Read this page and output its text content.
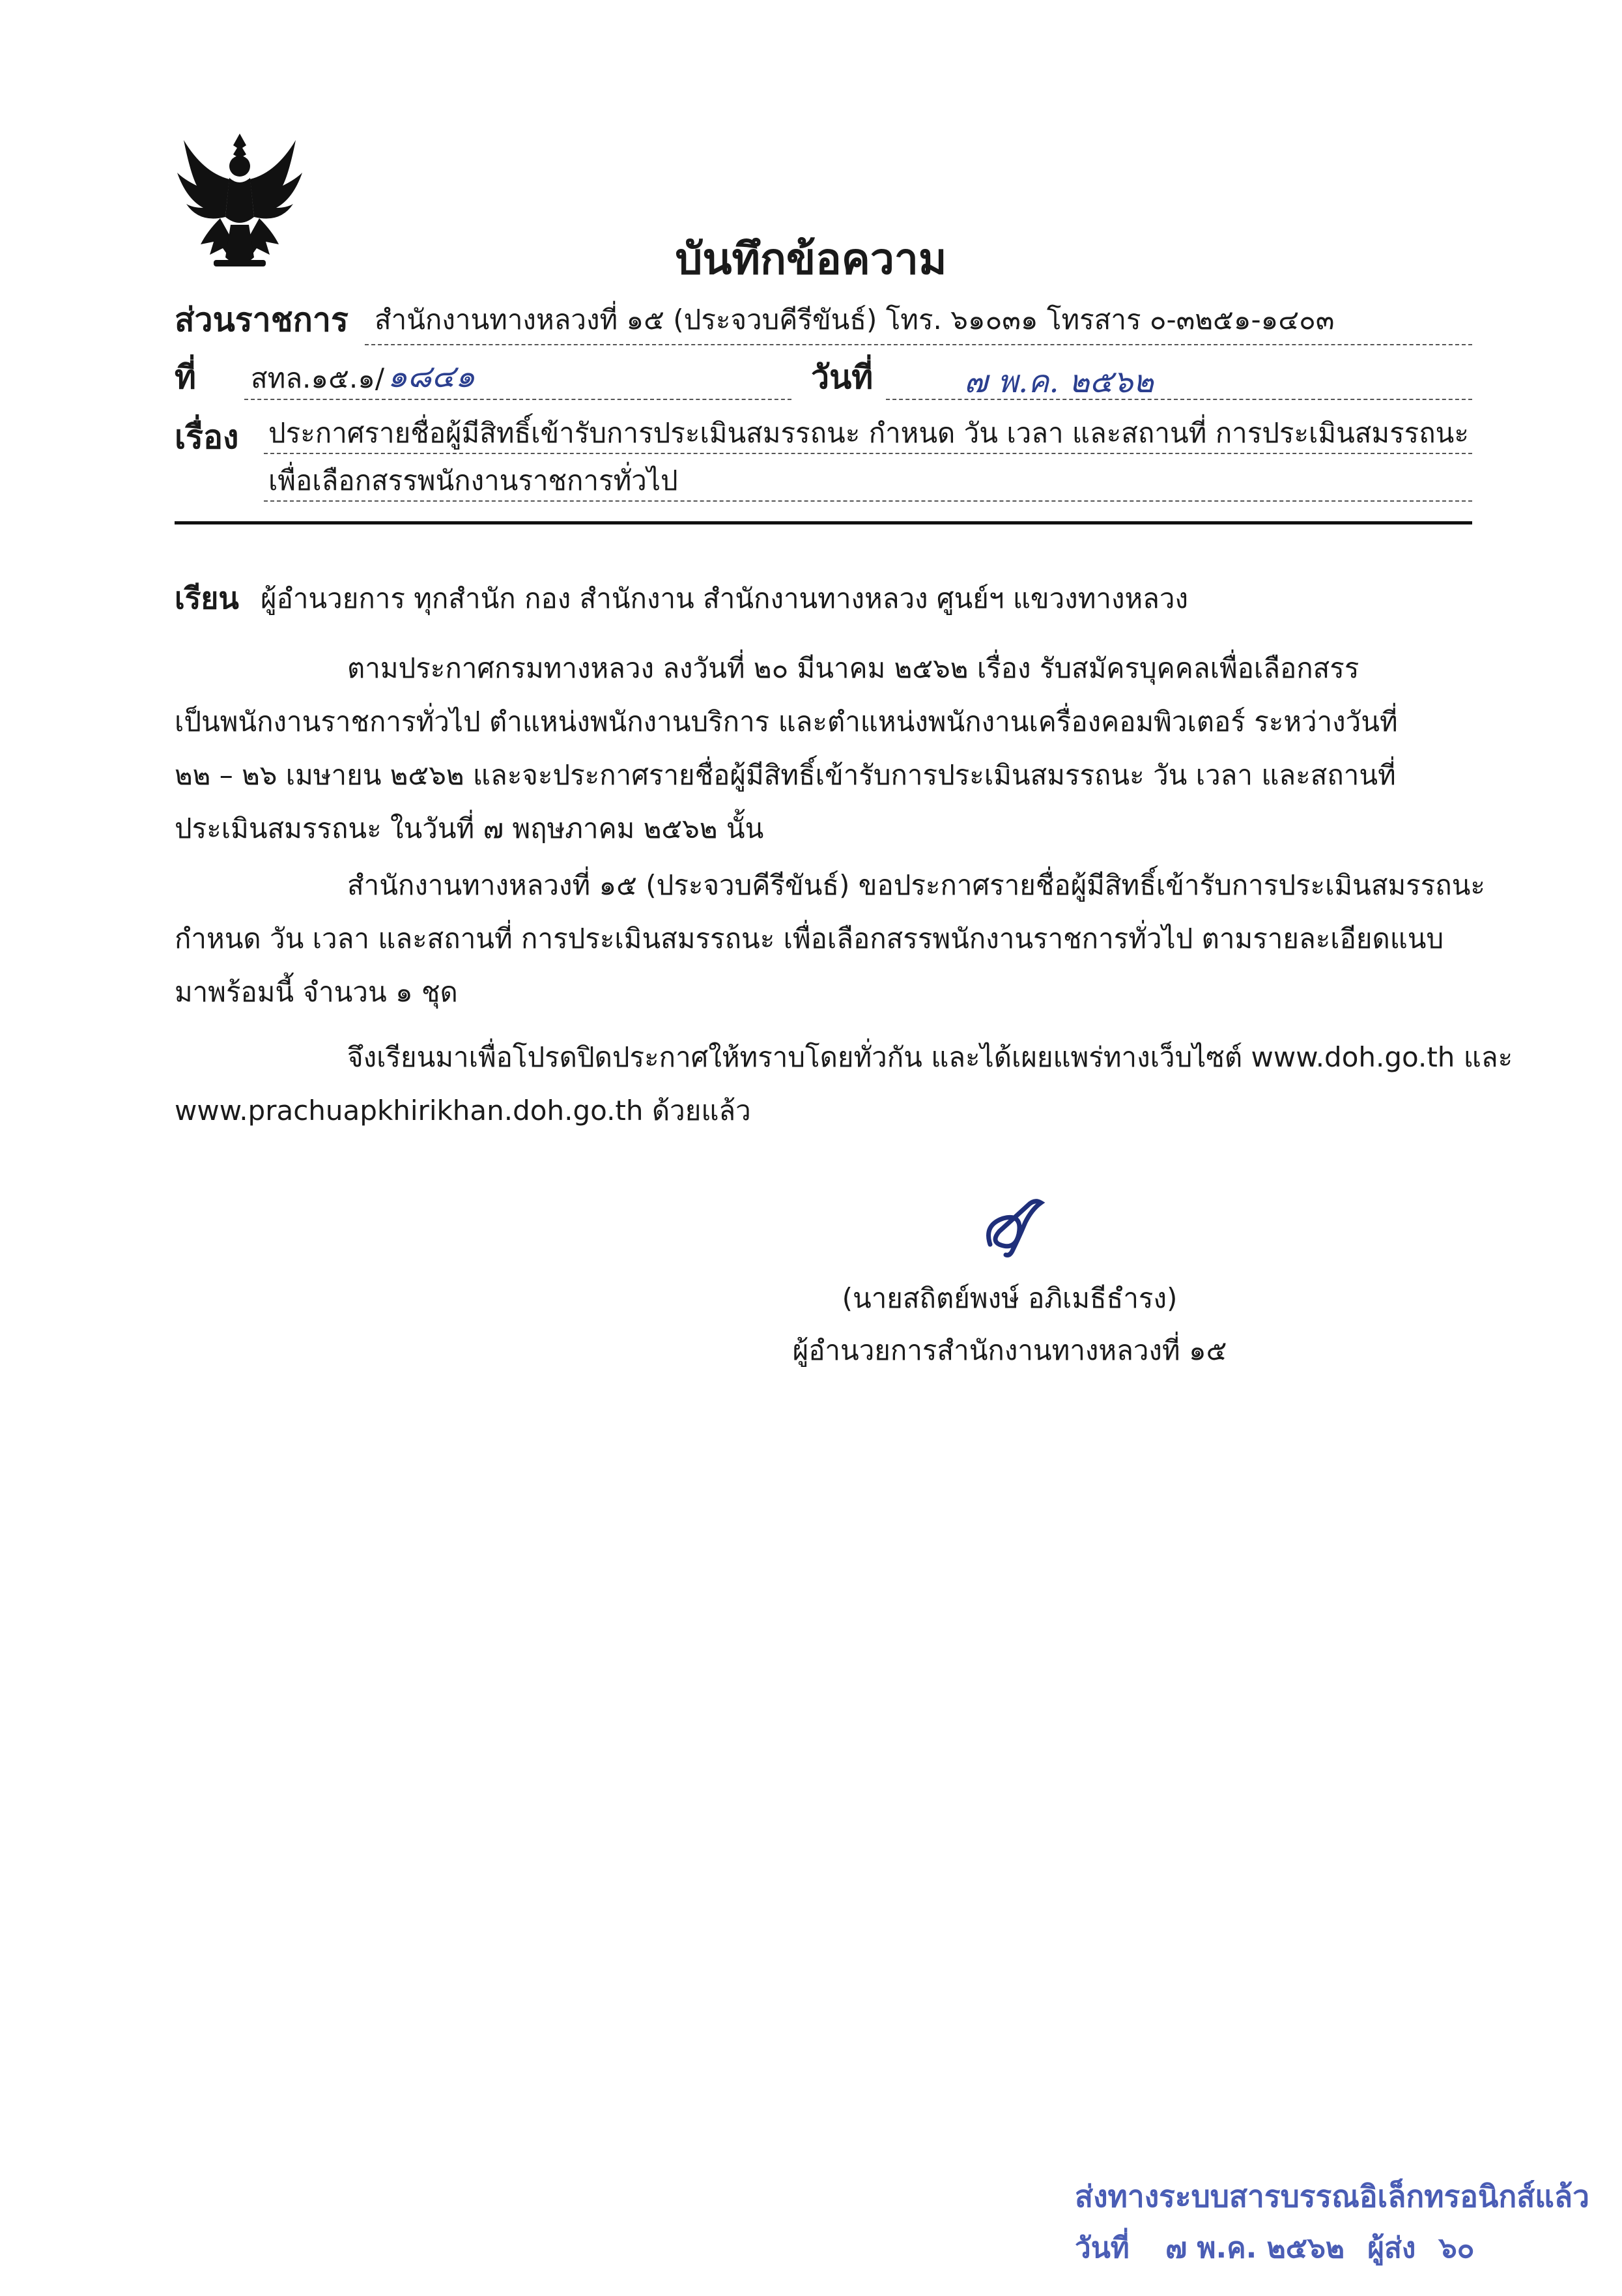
บันทึกข้อความ
ส่วนราชการ สำนักงานทางหลวงที่ ๑๕ (ประจวบคีรีขันธ์) โทร. ๖๑๐๓๑ โทรสาร ๐-๓๒๕๑-๑๔๐๓
ที่ สทล.๑๕.๑/ ๑๘๔๑	วันที่	๗ พ.ค. ๒๕๖๒
เรื่อง ประกาศรายชื่อผู้มีสิทธิ์เข้ารับการประเมินสมรรถนะ กำหนด วัน เวลา และสถานที่ การประเมินสมรรถนะ
เพื่อเลือกสรรพนักงานราชการทั่วไป
เรียน ผู้อำนวยการ ทุกสำนัก กอง สำนักงาน สำนักงานทางหลวง ศูนย์ฯ แขวงทางหลวง
ตามประกาศกรมทางหลวง ลงวันที่ ๒๐ มีนาคม ๒๕๖๒ เรื่อง รับสมัครบุคคลเพื่อเลือกสรร
เป็นพนักงานราชการทั่วไป ตำแหน่งพนักงานบริการ และตำแหน่งพนักงานเครื่องคอมพิวเตอร์ ระหว่างวันที่
๒๒ – ๒๖ เมษายน ๒๕๖๒ และจะประกาศรายชื่อผู้มีสิทธิ์เข้ารับการประเมินสมรรถนะ วัน เวลา และสถานที่
ประเมินสมรรถนะ ในวันที่ ๗ พฤษภาคม ๒๕๖๒ นั้น
สำนักงานทางหลวงที่ ๑๕ (ประจวบคีรีขันธ์) ขอประกาศรายชื่อผู้มีสิทธิ์เข้ารับการประเมินสมรรถนะ
กำหนด วัน เวลา และสถานที่ การประเมินสมรรถนะ เพื่อเลือกสรรพนักงานราชการทั่วไป ตามรายละเอียดแนบ
มาพร้อมนี้ จำนวน ๑ ชุด
จึงเรียนมาเพื่อโปรดปิดประกาศให้ทราบโดยทั่วกัน และได้เผยแพร่ทางเว็บไซต์ www.doh.go.th และ
www.prachuapkhirikhan.doh.go.th ด้วยแล้ว
(นายสถิตย์พงษ์ อภิเมธีธำรง)
ผู้อำนวยการสำนักงานทางหลวงที่ ๑๕
ส่งทางระบบสารบรรณอิเล็กทรอนิกส์แล้ว
วันที่ ๗ พ.ค. ๒๕๖๒ ผู้ส่ง ๖๐
